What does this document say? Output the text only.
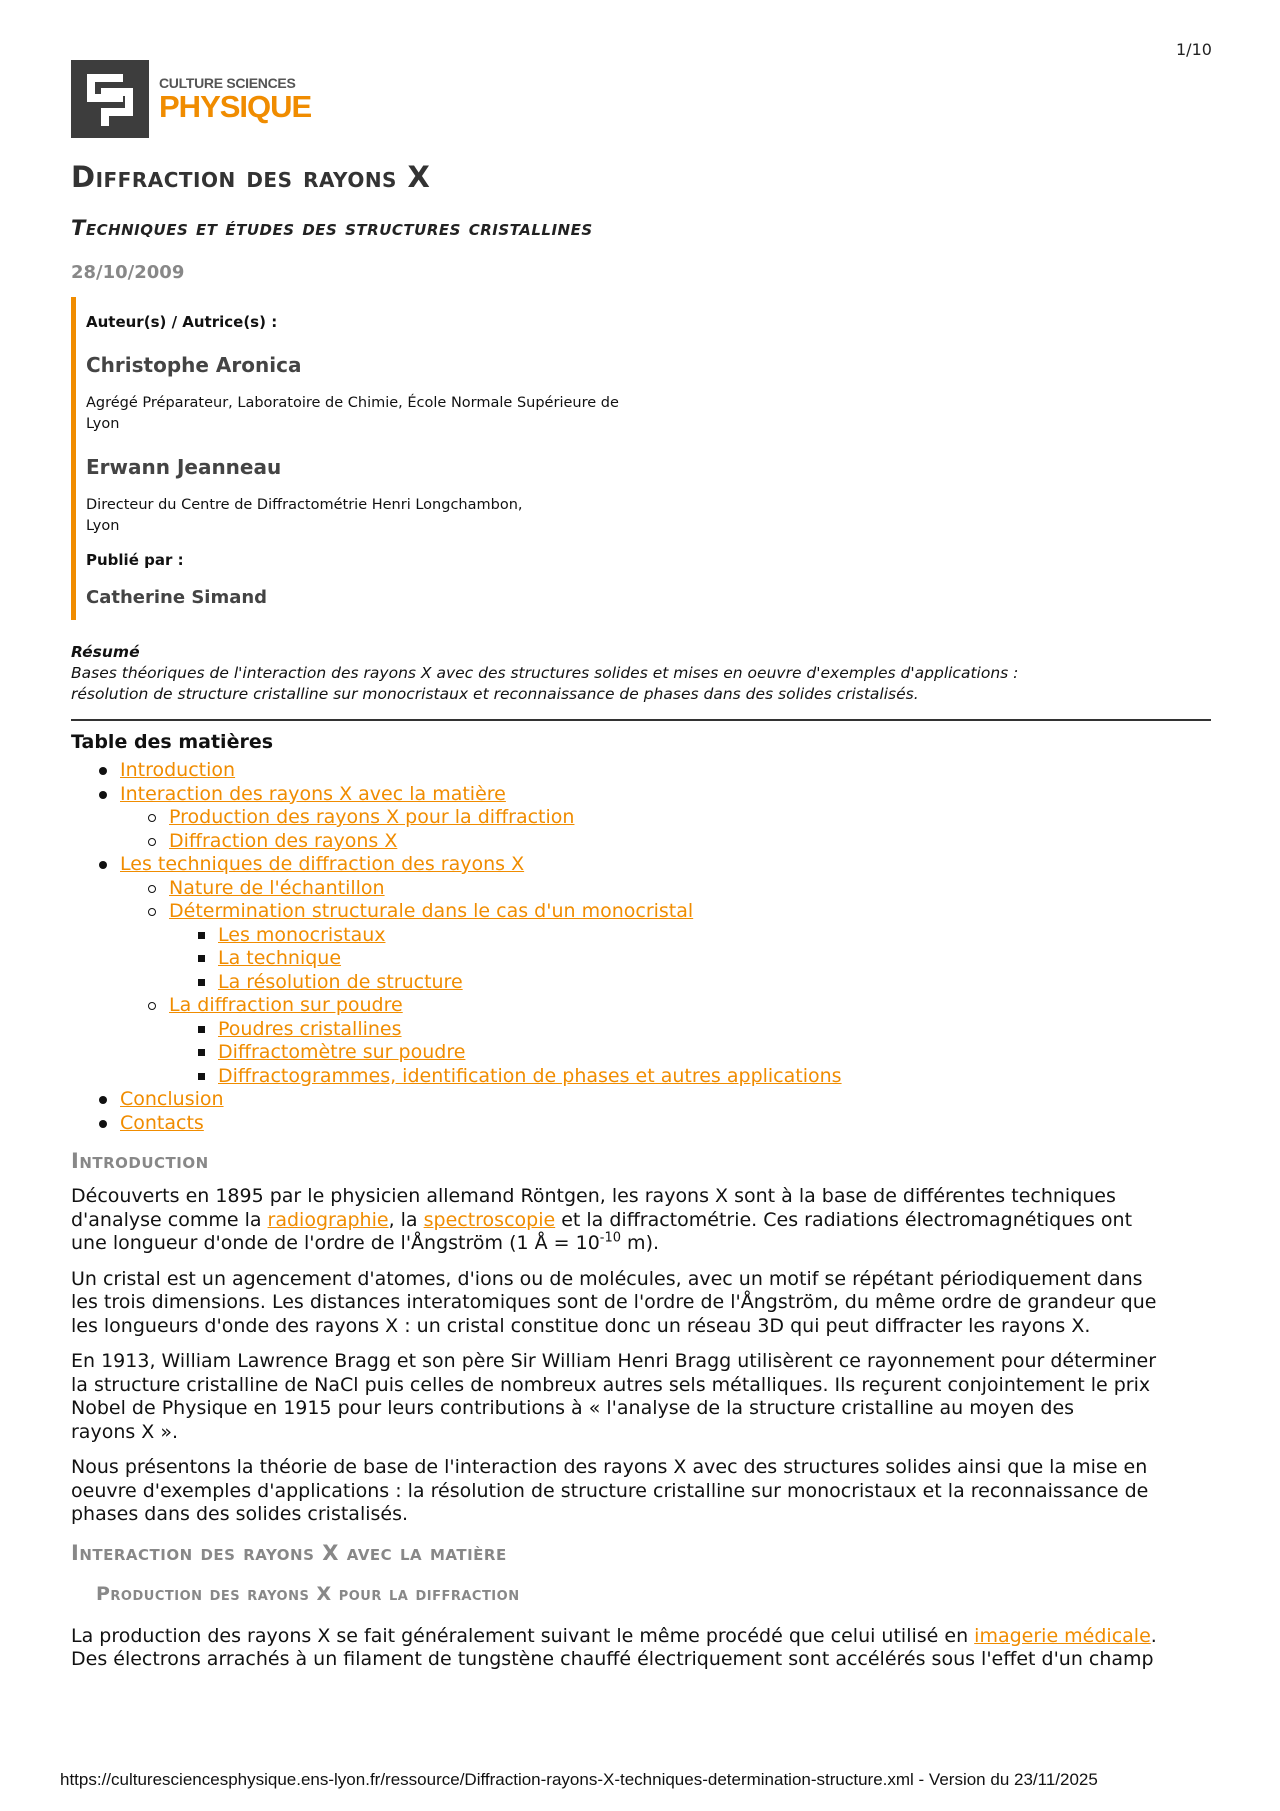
1/10
CULTURE SCIENCES
PHYSIQUE
Diffraction des rayons X
Techniques et études des structures cristallines
28/10/2009
Auteur(s) / Autrice(s) :
Christophe Aronica
Agrégé Préparateur, Laboratoire de Chimie, École Normale Supérieure de
Lyon
Erwann Jeanneau
Directeur du Centre de Diffractométrie Henri Longchambon,
Lyon
Publié par :
Catherine Simand
Résumé
Bases théoriques de l'interaction des rayons X avec des structures solides et mises en oeuvre d'exemples d'applications :
résolution de structure cristalline sur monocristaux et reconnaissance de phases dans des solides cristalisés.
Table des matières
Introduction
Interaction des rayons X avec la matière
Production des rayons X pour la diffraction
Diffraction des rayons X
Les techniques de diffraction des rayons X
Nature de l'échantillon
Détermination structurale dans le cas d'un monocristal
Les monocristaux
La technique
La résolution de structure
La diffraction sur poudre
Poudres cristallines
Diffractomètre sur poudre
Diffractogrammes, identification de phases et autres applications
Conclusion
Contacts
Introduction

Découverts en 1895 par le physicien allemand Röntgen, les rayons X sont à la base de différentes techniques
d'analyse comme la radiographie, la spectroscopie et la diffractométrie. Ces radiations électromagnétiques ont
une longueur d'onde de l'ordre de l'Ångström (1 Å = $10^{-10}$ m).

Un cristal est un agencement d'atomes, d'ions ou de molécules, avec un motif se répétant périodiquement dans
les trois dimensions. Les distances interatomiques sont de l'ordre de l'Ångström, du même ordre de grandeur que
les longueurs d'onde des rayons X : un cristal constitue donc un réseau 3D qui peut diffracter les rayons X.

En 1913, William Lawrence Bragg et son père Sir William Henri Bragg utilisèrent ce rayonnement pour déterminer
la structure cristalline de NaCl puis celles de nombreux autres sels métalliques. Ils reçurent conjointement le prix
Nobel de Physique en 1915 pour leurs contributions à « l'analyse de la structure cristalline au moyen des
rayons X ».

Nous présentons la théorie de base de l'interaction des rayons X avec des structures solides ainsi que la mise en
oeuvre d'exemples d'applications : la résolution de structure cristalline sur monocristaux et la reconnaissance de
phases dans des solides cristalisés.

Interaction des rayons X avec la matière
Production des rayons X pour la diffraction

La production des rayons X se fait généralement suivant le même procédé que celui utilisé en imagerie médicale.
Des électrons arrachés à un filament de tungstène chauffé électriquement sont accélérés sous l'effet d'un champ

https://culturesciencesphysique.ens-lyon.fr/ressource/Diffraction-rayons-X-techniques-determination-structure.xml - Version du 23/11/2025
